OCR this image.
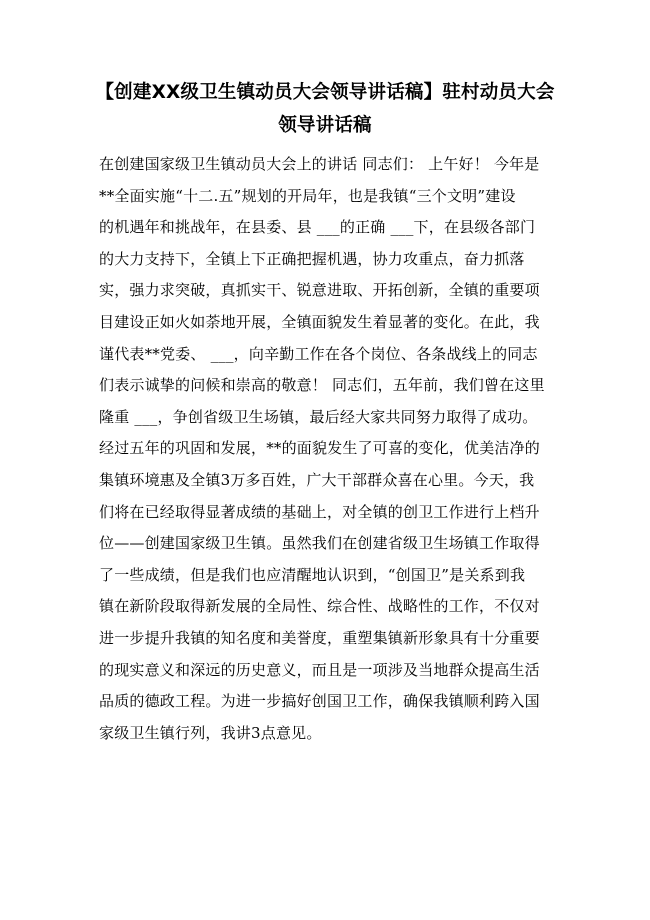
【创建XX级卫生镇动员大会领导讲话稿】驻村动员大会领导讲话稿
在创建国家级卫生镇动员大会上的讲话 同志们： 上午好！ 今年是
**全面实施“十二.五”规划的开局年，也是我镇“三个文明”建设
的机遇年和挑战年，在县委、县 ___的正确 ___下，在县级各部门
的大力支持下，全镇上下正确把握机遇，协力攻重点，奋力抓落
实，强力求突破，真抓实干、锐意进取、开拓创新，全镇的重要项
目建设正如火如荼地开展，全镇面貌发生着显著的变化。在此，我
谨代表**党委、 ___，向辛勤工作在各个岗位、各条战线上的同志
们表示诚挚的问候和崇高的敬意！ 同志们，五年前，我们曾在这里
隆重 ___，争创省级卫生场镇，最后经大家共同努力取得了成功。
经过五年的巩固和发展，**的面貌发生了可喜的变化，优美洁净的
集镇环境惠及全镇3万多百姓，广大干部群众喜在心里。今天，我
们将在已经取得显著成绩的基础上，对全镇的创卫工作进行上档升
位——创建国家级卫生镇。虽然我们在创建省级卫生场镇工作取得
了一些成绩，但是我们也应清醒地认识到，“创国卫”是关系到我
镇在新阶段取得新发展的全局性、综合性、战略性的工作，不仅对
进一步提升我镇的知名度和美誉度，重塑集镇新形象具有十分重要
的现实意义和深远的历史意义，而且是一项涉及当地群众提高生活
品质的德政工程。为进一步搞好创国卫工作，确保我镇顺利跨入国
家级卫生镇行列，我讲3点意见。
